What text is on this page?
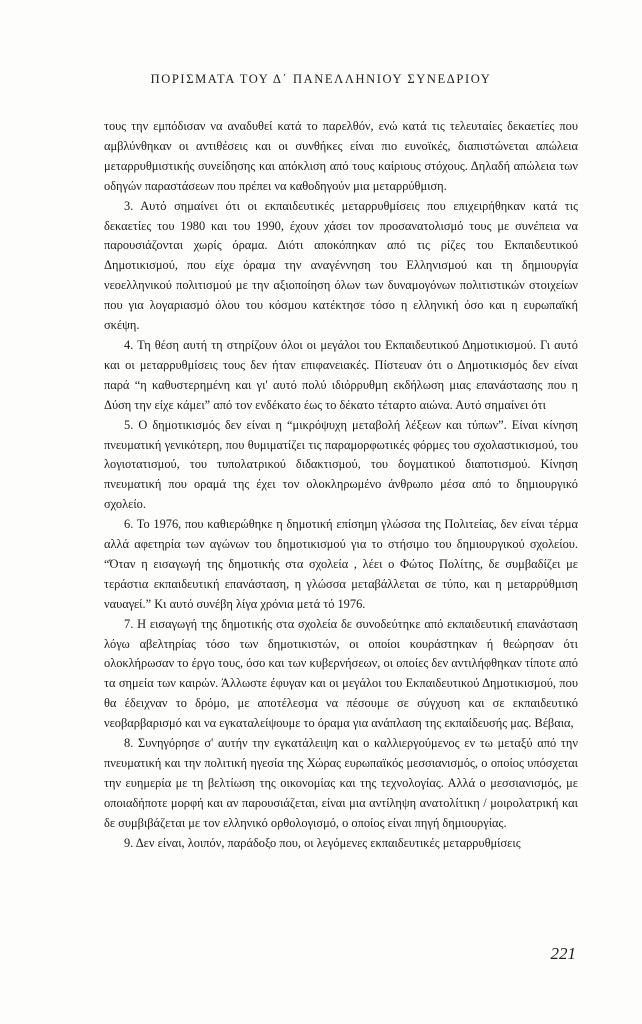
ΠΟΡΙΣΜΑΤΑ ΤΟΥ Δ΄ ΠΑΝΕΛΛΗΝΙΟΥ ΣΥΝΕΔΡΙΟΥ

τους την εμπόδισαν να αναδυθεί κατά το παρελθόν, ενώ κατά τις τελευταίες δεκαετίες που αμβλύνθηκαν οι αντιθέσεις και οι συνθήκες είναι πιο ευνοϊκές, διαπιστώνεται απώλεια μεταρρυθμιστικής συνείδησης και απόκλιση από τους καίριους στόχους. Δηλαδή απώλεια των οδηγών παραστάσεων που πρέπει να καθοδηγούν μια μεταρρύθμιση.

3. Αυτό σημαίνει ότι οι εκπαιδευτικές μεταρρυθμίσεις που επιχειρήθηκαν κατά τις δεκαετίες του 1980 και του 1990, έχουν χάσει τον προσανατολισμό τους με συνέπεια να παρουσιάζονται χωρίς όραμα. Διότι αποκόπηκαν από τις ρίζες του Εκπαιδευτικού Δημοτικισμού, που είχε όραμα την αναγέννηση του Ελληνισμού και τη δημιουργία νεοελληνικού πολιτισμού με την αξιοποίηση όλων των δυναμογόνων πολιτιστικών στοιχείων που για λογαριασμό όλου του κόσμου κατέκτησε τόσο η ελληνική όσο και η ευρωπαϊκή σκέψη.

4. Τη θέση αυτή τη στηρίζουν όλοι οι μεγάλοι του Εκπαιδευτικού Δημοτικισμού. Γι αυτό και οι μεταρρυθμίσεις τους δεν ήταν επιφανειακές. Πίστευαν ότι ο Δημοτικισμός δεν είναι παρά “η καθυστερημένη και γι' αυτό πολύ ιδιόρρυθμη εκδήλωση μιας επανάστασης που η Δύση την είχε κάμει” από τον ενδέκατο έως το δέκατο τέταρτο αιώνα. Αυτό σημαίνει ότι

5. Ο δημοτικισμός δεν είναι η “μικρόψυχη μεταβολή λέξεων και τύπων”. Είναι κίνηση πνευματική γενικότερη, που θυμιματίζει τις παραμορφωτικές φόρμες του σχολαστικισμού, του λογιοτατισμού, του τυπολατρικού διδακτισμού, του δογματικού διαποτισμού. Κίνηση πνευματική που οραμά της έχει τον ολοκληρωμένο άνθρωπο μέσα από το δημιουργικό σχολείο.

6. Το 1976, που καθιερώθηκε η δημοτική επίσημη γλώσσα της Πολιτείας, δεν είναι τέρμα αλλά αφετηρία των αγώνων του δημοτικισμού για το στήσιμο του δημιουργικού σχολείου. “Όταν η εισαγωγή της δημοτικής στα σχολεία , λέει ο Φώτος Πολίτης, δε συμβαδίζει με τεράστια εκπαιδευτική επανάσταση, η γλώσσα μεταβάλλεται σε τύπο, και η μεταρρύθμιση ναυαγεί.” Κι αυτό συνέβη λίγα χρόνια μετά τό 1976.

7. Η εισαγωγή της δημοτικής στα σχολεία δε συνοδεύτηκε από εκπαιδευτική επανάσταση λόγω αβελτηρίας τόσο των δημοτικιστών, οι οποίοι κουράστηκαν ή θεώρησαν ότι ολοκλήρωσαν το έργο τους, όσο και των κυβερνήσεων, οι οποίες δεν αντιλήφθηκαν τίποτε από τα σημεία των καιρών. Άλλωστε έφυγαν και οι μεγάλοι του Εκπαιδευτικού Δημοτικισμού, που θα έδειχναν το δρόμο, με αποτέλεσμα να πέσουμε σε σύγχυση και σε εκπαιδευτικό νεοβαρβαρισμό και να εγκαταλείψουμε το όραμα για ανάπλαση της εκπαίδευσής μας. Βέβαια,

8. Συνηγόρησε σ' αυτήν την εγκατάλειψη και ο καλλιεργούμενος εν τω μεταξύ από την πνευματική και την πολιτική ηγεσία της Χώρας ευρωπαϊκός μεσσιανισμός, ο οποίος υπόσχεται την ευημερία με τη βελτίωση της οικονομίας και της τεχνολογίας. Αλλά ο μεσσιανισμός, με οποιαδήποτε μορφή και αν παρουσιάζεται, είναι μια αντίληψη ανατολίτικη / μοιρολατρική και δε συμβιβάζεται με τον ελληνικό ορθολογισμό, ο οποίος είναι πηγή δημιουργίας.

9. Δεν είναι, λοιπόν, παράδοξο που, οι λεγόμενες εκπαιδευτικές μεταρρυθμίσεις

221
